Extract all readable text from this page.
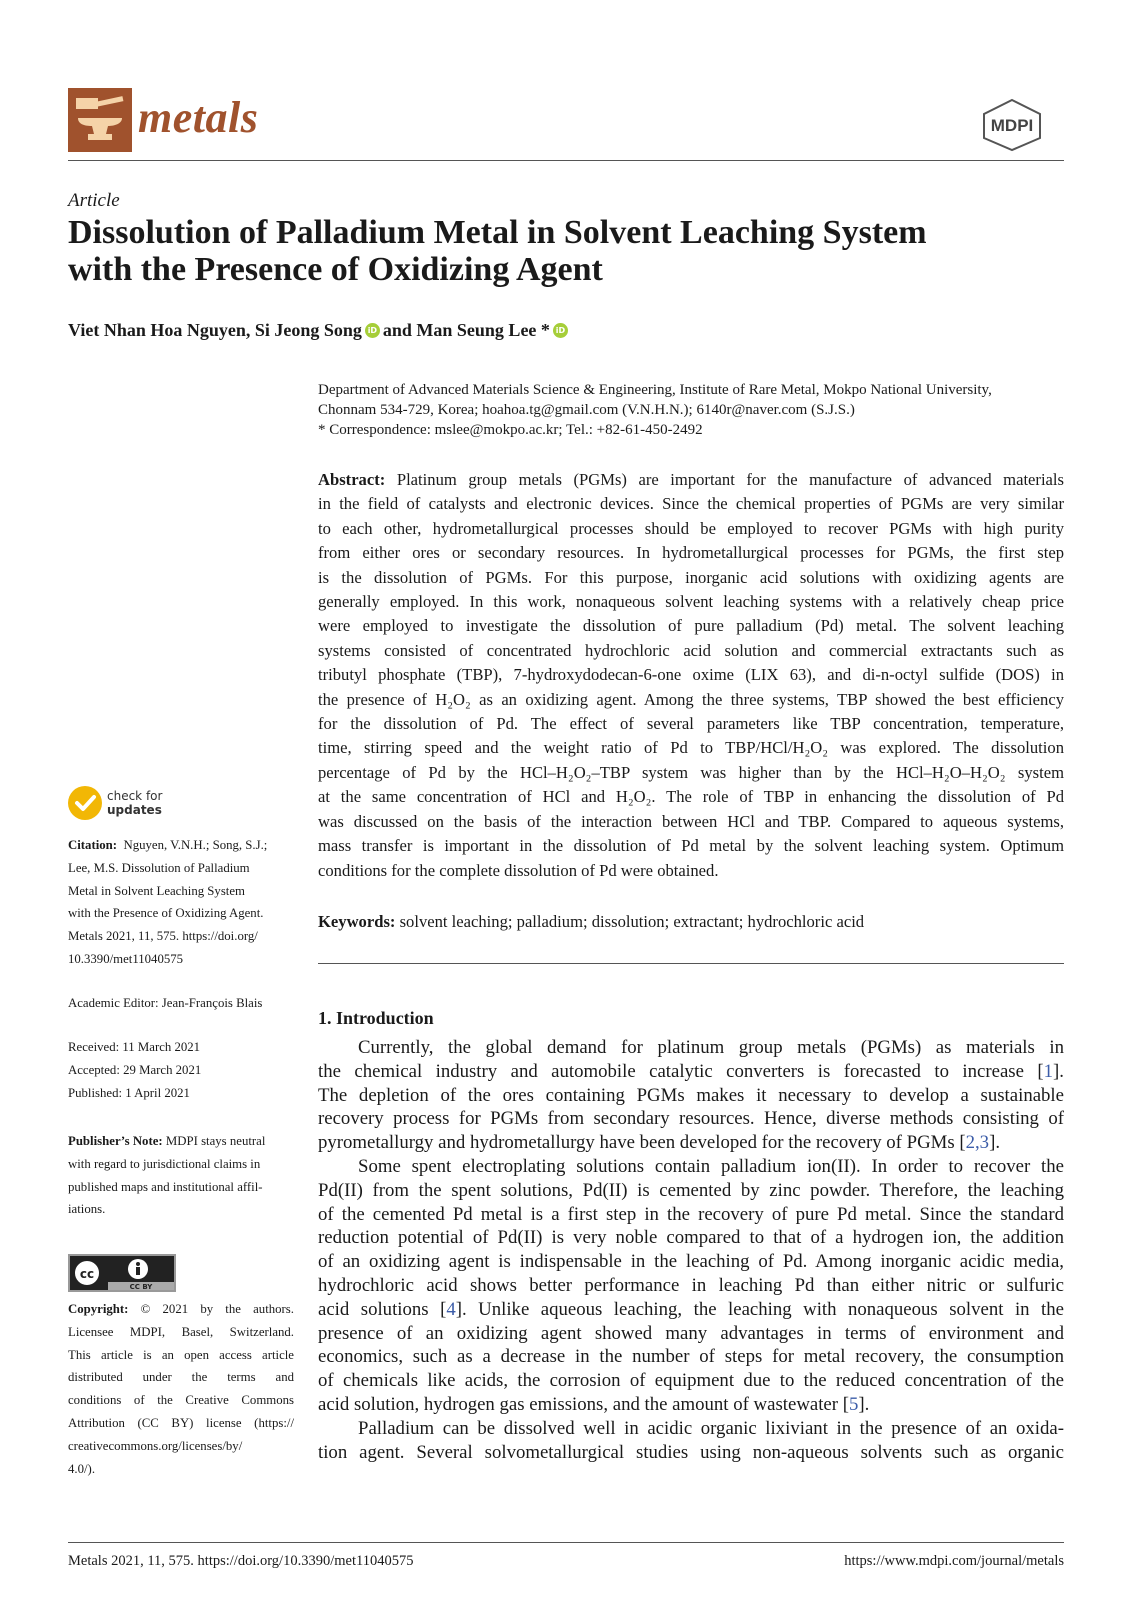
metals	MDPI
Article
Dissolution of Palladium Metal in Solvent Leaching System
with the Presence of Oxidizing Agent
Viet Nhan Hoa Nguyen, Si Jeong Song iD and Man Seung Lee * iD
Department of Advanced Materials Science & Engineering, Institute of Rare Metal, Mokpo National University,
Chonnam 534-729, Korea; hoahoa.tg@gmail.com (V.N.H.N.); 6140r@naver.com (S.J.S.)
* Correspondence: mslee@mokpo.ac.kr; Tel.: +82-61-450-2492

Abstract: Platinum group metals (PGMs) are important for the manufacture of advanced materials
in the field of catalysts and electronic devices. Since the chemical properties of PGMs are very similar
to each other, hydrometallurgical processes should be employed to recover PGMs with high purity
from either ores or secondary resources. In hydrometallurgical processes for PGMs, the first step
is the dissolution of PGMs. For this purpose, inorganic acid solutions with oxidizing agents are
generally employed. In this work, nonaqueous solvent leaching systems with a relatively cheap price
were employed to investigate the dissolution of pure palladium (Pd) metal. The solvent leaching
systems consisted of concentrated hydrochloric acid solution and commercial extractants such as
tributyl phosphate (TBP), 7-hydroxydodecan-6-one oxime (LIX 63), and di-n-octyl sulfide (DOS) in
the presence of H₂O₂ as an oxidizing agent. Among the three systems, TBP showed the best efficiency
for the dissolution of Pd. The effect of several parameters like TBP concentration, temperature,
time, stirring speed and the weight ratio of Pd to TBP/HCl/H₂O₂ was explored. The dissolution
percentage of Pd by the HCl–H₂O₂–TBP system was higher than by the HCl–H₂O–H₂O₂ system
at the same concentration of HCl and H₂O₂. The role of TBP in enhancing the dissolution of Pd
was discussed on the basis of the interaction between HCl and TBP. Compared to aqueous systems,
mass transfer is important in the dissolution of Pd metal by the solvent leaching system. Optimum
conditions for the complete dissolution of Pd were obtained.

Keywords: solvent leaching; palladium; dissolution; extractant; hydrochloric acid
1. Introduction
Currently, the global demand for platinum group metals (PGMs) as materials in
the chemical industry and automobile catalytic converters is forecasted to increase [1].
The depletion of the ores containing PGMs makes it necessary to develop a sustainable
recovery process for PGMs from secondary resources. Hence, diverse methods consisting of
pyrometallurgy and hydrometallurgy have been developed for the recovery of PGMs [2,3].
Some spent electroplating solutions contain palladium ion(II). In order to recover the
Pd(II) from the spent solutions, Pd(II) is cemented by zinc powder. Therefore, the leaching
of the cemented Pd metal is a first step in the recovery of pure Pd metal. Since the standard
reduction potential of Pd(II) is very noble compared to that of a hydrogen ion, the addition
of an oxidizing agent is indispensable in the leaching of Pd. Among inorganic acidic media,
hydrochloric acid shows better performance in leaching Pd than either nitric or sulfuric
acid solutions [4]. Unlike aqueous leaching, the leaching with nonaqueous solvent in the
presence of an oxidizing agent showed many advantages in terms of environment and
economics, such as a decrease in the number of steps for metal recovery, the consumption
of chemicals like acids, the corrosion of equipment due to the reduced concentration of the
acid solution, hydrogen gas emissions, and the amount of wastewater [5].
Palladium can be dissolved well in acidic organic lixiviant in the presence of an oxida-
tion agent. Several solvometallurgical studies using non-aqueous solvents such as organic
check for
updates
Citation: Nguyen, V.N.H.; Song, S.J.;
Lee, M.S. Dissolution of Palladium
Metal in Solvent Leaching System
with the Presence of Oxidizing Agent.
Metals 2021, 11, 575. https://doi.org/
10.3390/met11040575
Academic Editor: Jean-François Blais
Received: 11 March 2021
Accepted: 29 March 2021
Published: 1 April 2021
Publisher’s Note: MDPI stays neutral
with regard to jurisdictional claims in
published maps and institutional affil-
iations.
cc
CC BY
Copyright: © 2021 by the authors.
Licensee MDPI, Basel, Switzerland.
This article is an open access article
distributed under the terms and
conditions of the Creative Commons
Attribution (CC BY) license (https://
creativecommons.org/licenses/by/
4.0/).
Metals 2021, 11, 575. https://doi.org/10.3390/met11040575	https://www.mdpi.com/journal/metals
